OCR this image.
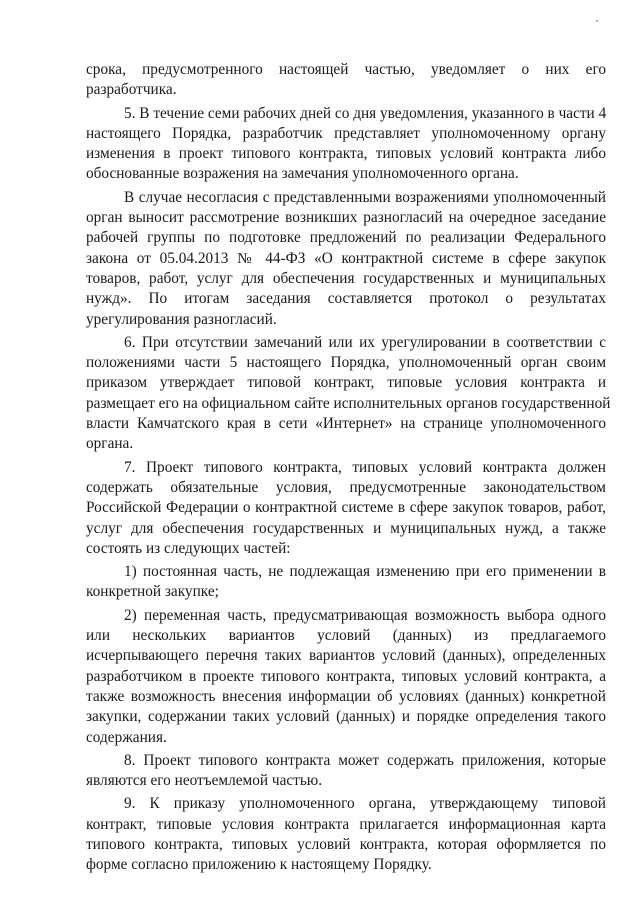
срока, предусмотренного настоящей частью, уведомляет о них его
разработчика.
5. В течение семи рабочих дней со дня уведомления, указанного в части 4
настоящего Порядка, разработчик представляет уполномоченному органу
изменения в проект типового контракта, типовых условий контракта либо
обоснованные возражения на замечания уполномоченного органа.
В случае несогласия с представленными возражениями уполномоченный
орган выносит рассмотрение возникших разногласий на очередное заседание
рабочей группы по подготовке предложений по реализации Федерального
закона от 05.04.2013 № 44-ФЗ «О контрактной системе в сфере закупок
товаров, работ, услуг для обеспечения государственных и муниципальных
нужд». По итогам заседания составляется протокол о результатах
урегулирования разногласий.
6. При отсутствии замечаний или их урегулировании в соответствии с
положениями части 5 настоящего Порядка, уполномоченный орган своим
приказом утверждает типовой контракт, типовые условия контракта и
размещает его на официальном сайте исполнительных органов государственной
власти Камчатского края в сети «Интернет» на странице уполномоченного
органа.
7. Проект типового контракта, типовых условий контракта должен
содержать обязательные условия, предусмотренные законодательством
Российской Федерации о контрактной системе в сфере закупок товаров, работ,
услуг для обеспечения государственных и муниципальных нужд, а также
состоять из следующих частей:
1) постоянная часть, не подлежащая изменению при его применении в
конкретной закупке;
2) переменная часть, предусматривающая возможность выбора одного
или нескольких вариантов условий (данных) из предлагаемого
исчерпывающего перечня таких вариантов условий (данных), определенных
разработчиком в проекте типового контракта, типовых условий контракта, а
также возможность внесения информации об условиях (данных) конкретной
закупки, содержании таких условий (данных) и порядке определения такого
содержания.
8. Проект типового контракта может содержать приложения, которые
являются его неотъемлемой частью.
9. К приказу уполномоченного органа, утверждающему типовой
контракт, типовые условия контракта прилагается информационная карта
типового контракта, типовых условий контракта, которая оформляется по
форме согласно приложению к настоящему Порядку.
